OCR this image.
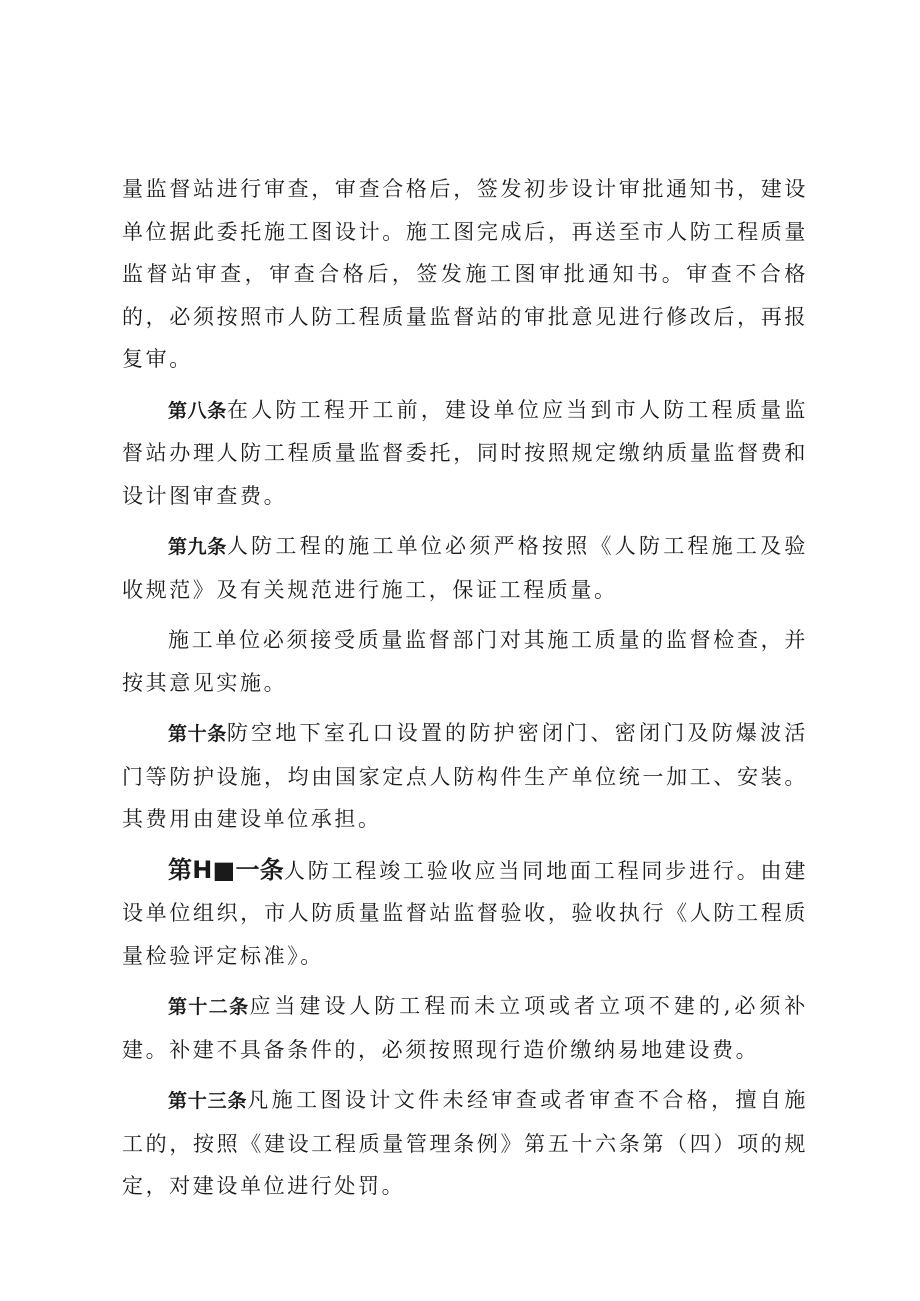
量监督站进行审查，审查合格后，签发初步设计审批通知书，建设单位据此委托施工图设计。施工图完成后，再送至市人防工程质量监督站审查，审查合格后，签发施工图审批通知书。审查不合格的，必须按照市人防工程质量监督站的审批意见进行修改后，再报复审。

第八条在人防工程开工前，建设单位应当到市人防工程质量监督站办理人防工程质量监督委托，同时按照规定缴纳质量监督费和设计图审查费。

第九条人防工程的施工单位必须严格按照《人防工程施工及验收规范》及有关规范进行施工，保证工程质量。

施工单位必须接受质量监督部门对其施工质量的监督检查，并按其意见实施。

第十条防空地下室孔口设置的防护密闭门、密闭门及防爆波活门等防护设施，均由国家定点人防构件生产单位统一加工、安装。其费用由建设单位承担。

第H■一条人防工程竣工验收应当同地面工程同步进行。由建设单位组织，市人防质量监督站监督验收，验收执行《人防工程质量检验评定标准》。

第十二条应当建设人防工程而未立项或者立项不建的,必须补建。补建不具备条件的，必须按照现行造价缴纳易地建设费。

第十三条凡施工图设计文件未经审查或者审查不合格，擅自施工的，按照《建设工程质量管理条例》第五十六条第（四）项的规定，对建设单位进行处罚。
